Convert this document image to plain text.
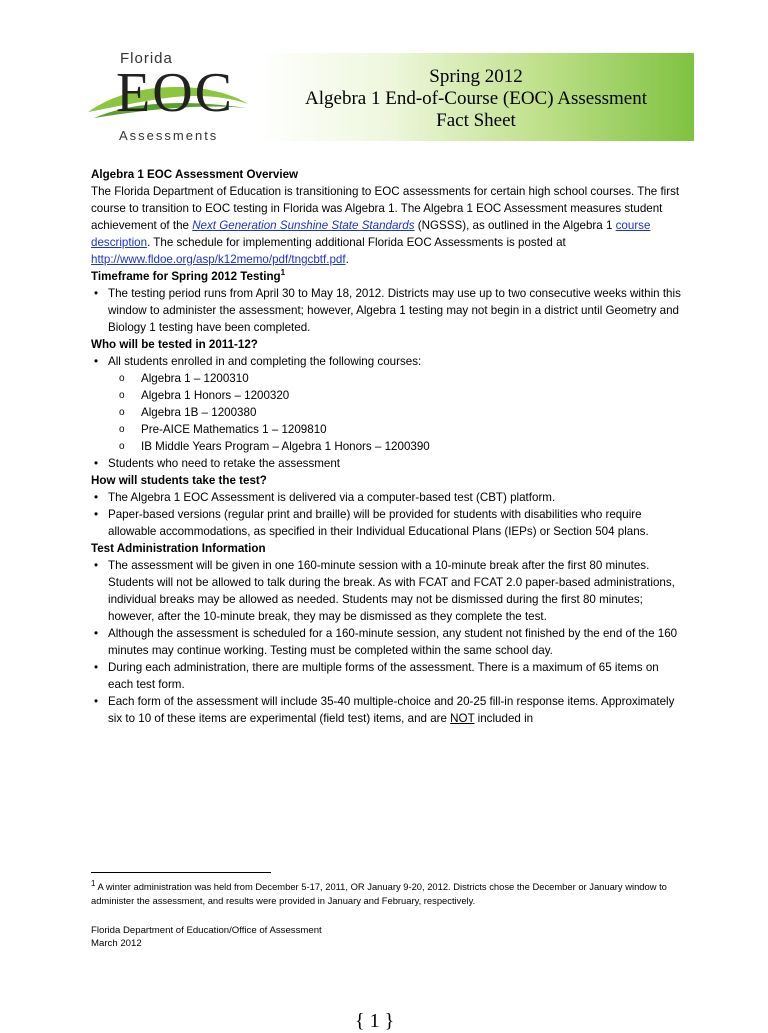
Florida
EOC
Assessments
Spring 2012
Algebra 1 End-of-Course (EOC) Assessment
Fact Sheet

Algebra 1 EOC Assessment Overview

The Florida Department of Education is transitioning to EOC assessments for certain high school courses. The first course to transition to EOC testing in Florida was Algebra 1. The Algebra 1 EOC Assessment measures student achievement of the Next Generation Sunshine State Standards (NGSSS), as outlined in the Algebra 1 course description. The schedule for implementing additional Florida EOC Assessments is posted at http://www.fldoe.org/asp/k12memo/pdf/tngcbtf.pdf.

Timeframe for Spring 2012 Testing$^1$

• The testing period runs from April 30 to May 18, 2012. Districts may use up to two consecutive weeks within this window to administer the assessment; however, Algebra 1 testing may not begin in a district until Geometry and Biology 1 testing have been completed.

Who will be tested in 2011-12?

• All students enrolled in and completing the following courses:
o Algebra 1 – 1200310
o Algebra 1 Honors – 1200320
o Algebra 1B – 1200380
o Pre-AICE Mathematics 1 – 1209810
o IB Middle Years Program – Algebra 1 Honors – 1200390
• Students who need to retake the assessment

How will students take the test?

• The Algebra 1 EOC Assessment is delivered via a computer-based test (CBT) platform.
• Paper-based versions (regular print and braille) will be provided for students with disabilities who require allowable accommodations, as specified in their Individual Educational Plans (IEPs) or Section 504 plans.

Test Administration Information

• The assessment will be given in one 160-minute session with a 10-minute break after the first 80 minutes. Students will not be allowed to talk during the break. As with FCAT and FCAT 2.0 paper-based administrations, individual breaks may be allowed as needed. Students may not be dismissed during the first 80 minutes; however, after the 10-minute break, they may be dismissed as they complete the test.
• Although the assessment is scheduled for a 160-minute session, any student not finished by the end of the 160 minutes may continue working. Testing must be completed within the same school day.
• During each administration, there are multiple forms of the assessment. There is a maximum of 65 items on each test form.
• Each form of the assessment will include 35-40 multiple-choice and 20-25 fill-in response items. Approximately six to 10 of these items are experimental (field test) items, and are NOT included in
$^1$ A winter administration was held from December 5-17, 2011, OR January 9-20, 2012. Districts chose the December or January window to administer the assessment, and results were provided in January and February, respectively.
Florida Department of Education/Office of Assessment
March 2012
{ 1 }
